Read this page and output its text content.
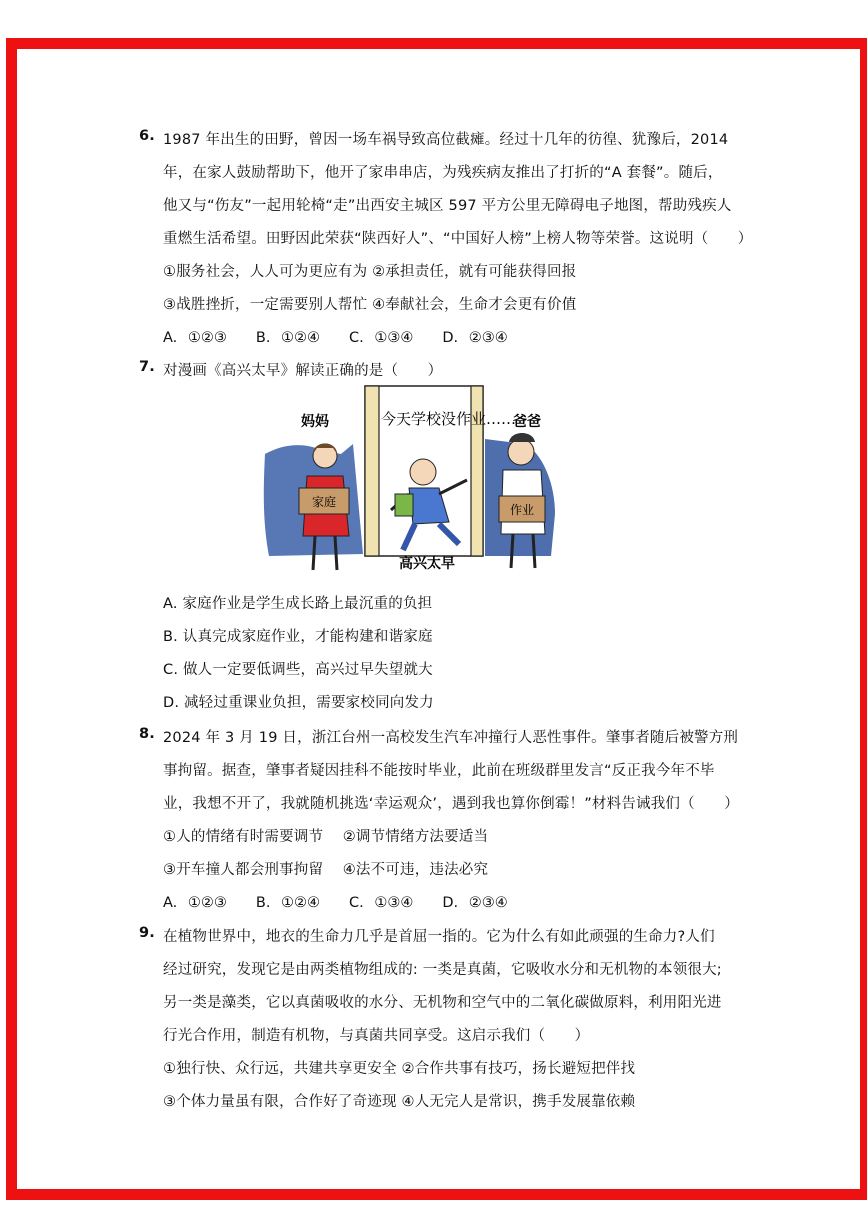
6. 1987 年出生的田野，曾因一场车祸导致高位截瘫。经过十几年的彷徨、犹豫后，2014
年，在家人鼓励帮助下，他开了家串串店，为残疾病友推出了打折的“A 套餐”。随后，
他又与“伤友”一起用轮椅“走”出西安主城区 597 平方公里无障碍电子地图，帮助残疾人
重燃生活希望。田野因此荣获“陕西好人”、“中国好人榜”上榜人物等荣誉。这说明（　　）
①服务社会，人人可为更应有为 ②承担责任，就有可能获得回报
③战胜挫折，一定需要别人帮忙 ④奉献社会，生命才会更有价值
A. ①②③　　B. ①②④　　C. ①③④　　D. ②③④
7. 对漫画《高兴太早》解读正确的是（　　）
家庭
作业
妈妈	爸爸
今天学校没作业……
高兴太早
A. 家庭作业是学生成长路上最沉重的负担
B. 认真完成家庭作业，才能构建和谐家庭
C. 做人一定要低调些，高兴过早失望就大
D. 减轻过重课业负担，需要家校同向发力
8. 2024 年 3 月 19 日，浙江台州一高校发生汽车冲撞行人恶性事件。肇事者随后被警方刑
事拘留。据查，肇事者疑因挂科不能按时毕业，此前在班级群里发言“反正我今年不毕
业，我想不开了，我就随机挑选‘幸运观众’，遇到我也算你倒霉！”材料告诫我们（　　）
①人的情绪有时需要调节　 ②调节情绪方法要适当
③开车撞人都会刑事拘留　 ④法不可违，违法必究
A. ①②③　　B. ①②④　　C. ①③④　　D. ②③④
9. 在植物世界中，地衣的生命力几乎是首屈一指的。它为什么有如此顽强的生命力?人们
经过研究，发现它是由两类植物组成的: 一类是真菌，它吸收水分和无机物的本领很大;
另一类是藻类，它以真菌吸收的水分、无机物和空气中的二氧化碳做原料，利用阳光进
行光合作用，制造有机物，与真菌共同享受。这启示我们（　　）
①独行快、众行远，共建共享更安全 ②合作共事有技巧，扬长避短把伴找
③个体力量虽有限，合作好了奇迹现 ④人无完人是常识，携手发展靠依赖
